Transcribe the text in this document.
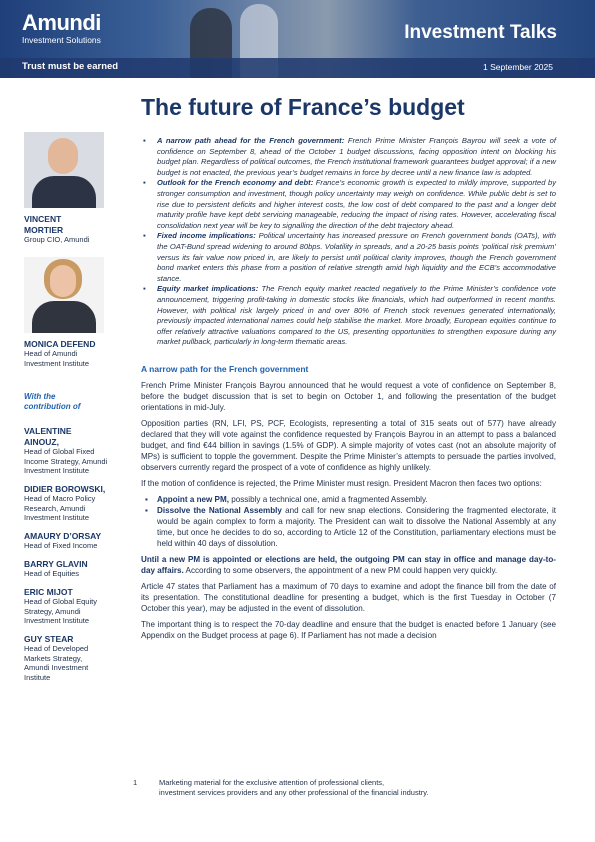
Amundi
Investment Solutions
Trust must be earned
Investment Talks
1 September 2025
The future of France’s budget
VINCENT MORTIER
Group CIO, Amundi
MONICA DEFEND
Head of Amundi Investment Institute
With the contribution of
VALENTINE AINOUZ,
Head of Global Fixed Income Strategy, Amundi Investment Institute
DIDIER BOROWSKI,
Head of Macro Policy Research, Amundi Investment Institute
AMAURY D’ORSAY
Head of Fixed Income
BARRY GLAVIN
Head of Equities
ERIC MIJOT
Head of Global Equity Strategy, Amundi Investment Institute
GUY STEAR
Head of Developed Markets Strategy, Amundi Investment Institute
▪ A narrow path ahead for the French government: French Prime Minister François Bayrou will seek a vote of confidence on September 8, ahead of the October 1 budget discussions, facing opposition intent on blocking his budget plan. Regardless of political outcomes, the French institutional framework guarantees budget approval; if a new budget is not enacted, the previous year’s budget remains in force by decree until a new finance law is adopted.
▪ Outlook for the French economy and debt: France’s economic growth is expected to mildly improve, supported by stronger consumption and investment, though policy uncertainty may weigh on confidence. While public debt is set to rise due to persistent deficits and higher interest costs, the low cost of debt compared to the past and a longer debt maturity profile have kept debt servicing manageable, reducing the impact of rising rates. However, accelerating fiscal consolidation next year will be key to signalling the direction of the debt trajectory ahead.
▪ Fixed income implications: Political uncertainty has increased pressure on French government bonds (OATs), with the OAT-Bund spread widening to around 80bps. Volatility in spreads, and a 20-25 basis points ‘political risk premium’ versus its fair value now priced in, are likely to persist until political clarity improves, though the French government bond market enters this phase from a position of relative strength amid high liquidity and the ECB’s accommodative stance.
▪ Equity market implications: The French equity market reacted negatively to the Prime Minister’s confidence vote announcement, triggering profit-taking in domestic stocks like financials, which had outperformed in recent months. However, with political risk largely priced in and over 80% of French stock revenues generated internationally, previously impacted international names could help stabilise the market. More broadly, European equities continue to offer relatively attractive valuations compared to the US, presenting opportunities to strengthen exposure during any market pullback, particularly in long-term thematic areas.
A narrow path for the French government

French Prime Minister François Bayrou announced that he would request a vote of confidence on September 8, before the budget discussion that is set to begin on October 1, and following the presentation of the budget orientations in mid-July.

Opposition parties (RN, LFI, PS, PCF, Ecologists, representing a total of 315 seats out of 577) have already declared that they will vote against the confidence requested by François Bayrou in an attempt to pass a balanced budget, and find €44 billion in savings (1.5% of GDP). A simple majority of votes cast (not an absolute majority of MPs) is sufficient to topple the government. Despite the Prime Minister’s attempts to persuade the parties involved, observers currently regard the prospect of a vote of confidence as highly unlikely.

If the motion of confidence is rejected, the Prime Minister must resign. President Macron then faces two options:

▪ Appoint a new PM, possibly a technical one, amid a fragmented Assembly.
▪ Dissolve the National Assembly and call for new snap elections. Considering the fragmented electorate, it would be again complex to form a majority. The President can wait to dissolve the National Assembly at any time, but once he decides to do so, according to Article 12 of the Constitution, parliamentary elections must be held within 40 days of dissolution.

Until a new PM is appointed or elections are held, the outgoing PM can stay in office and manage day-to-day affairs. According to some observers, the appointment of a new PM could happen very quickly.

Article 47 states that Parliament has a maximum of 70 days to examine and adopt the finance bill from the date of its presentation. The constitutional deadline for presenting a budget, which is the first Tuesday in October (7 October this year), may be adjusted in the event of dissolution.

The important thing is to respect the 70-day deadline and ensure that the budget is enacted before 1 January (see Appendix on the Budget process at page 6). If Parliament has not made a decision

1	Marketing material for the exclusive attention of professional clients,
investment services providers and any other professional of the financial industry.
